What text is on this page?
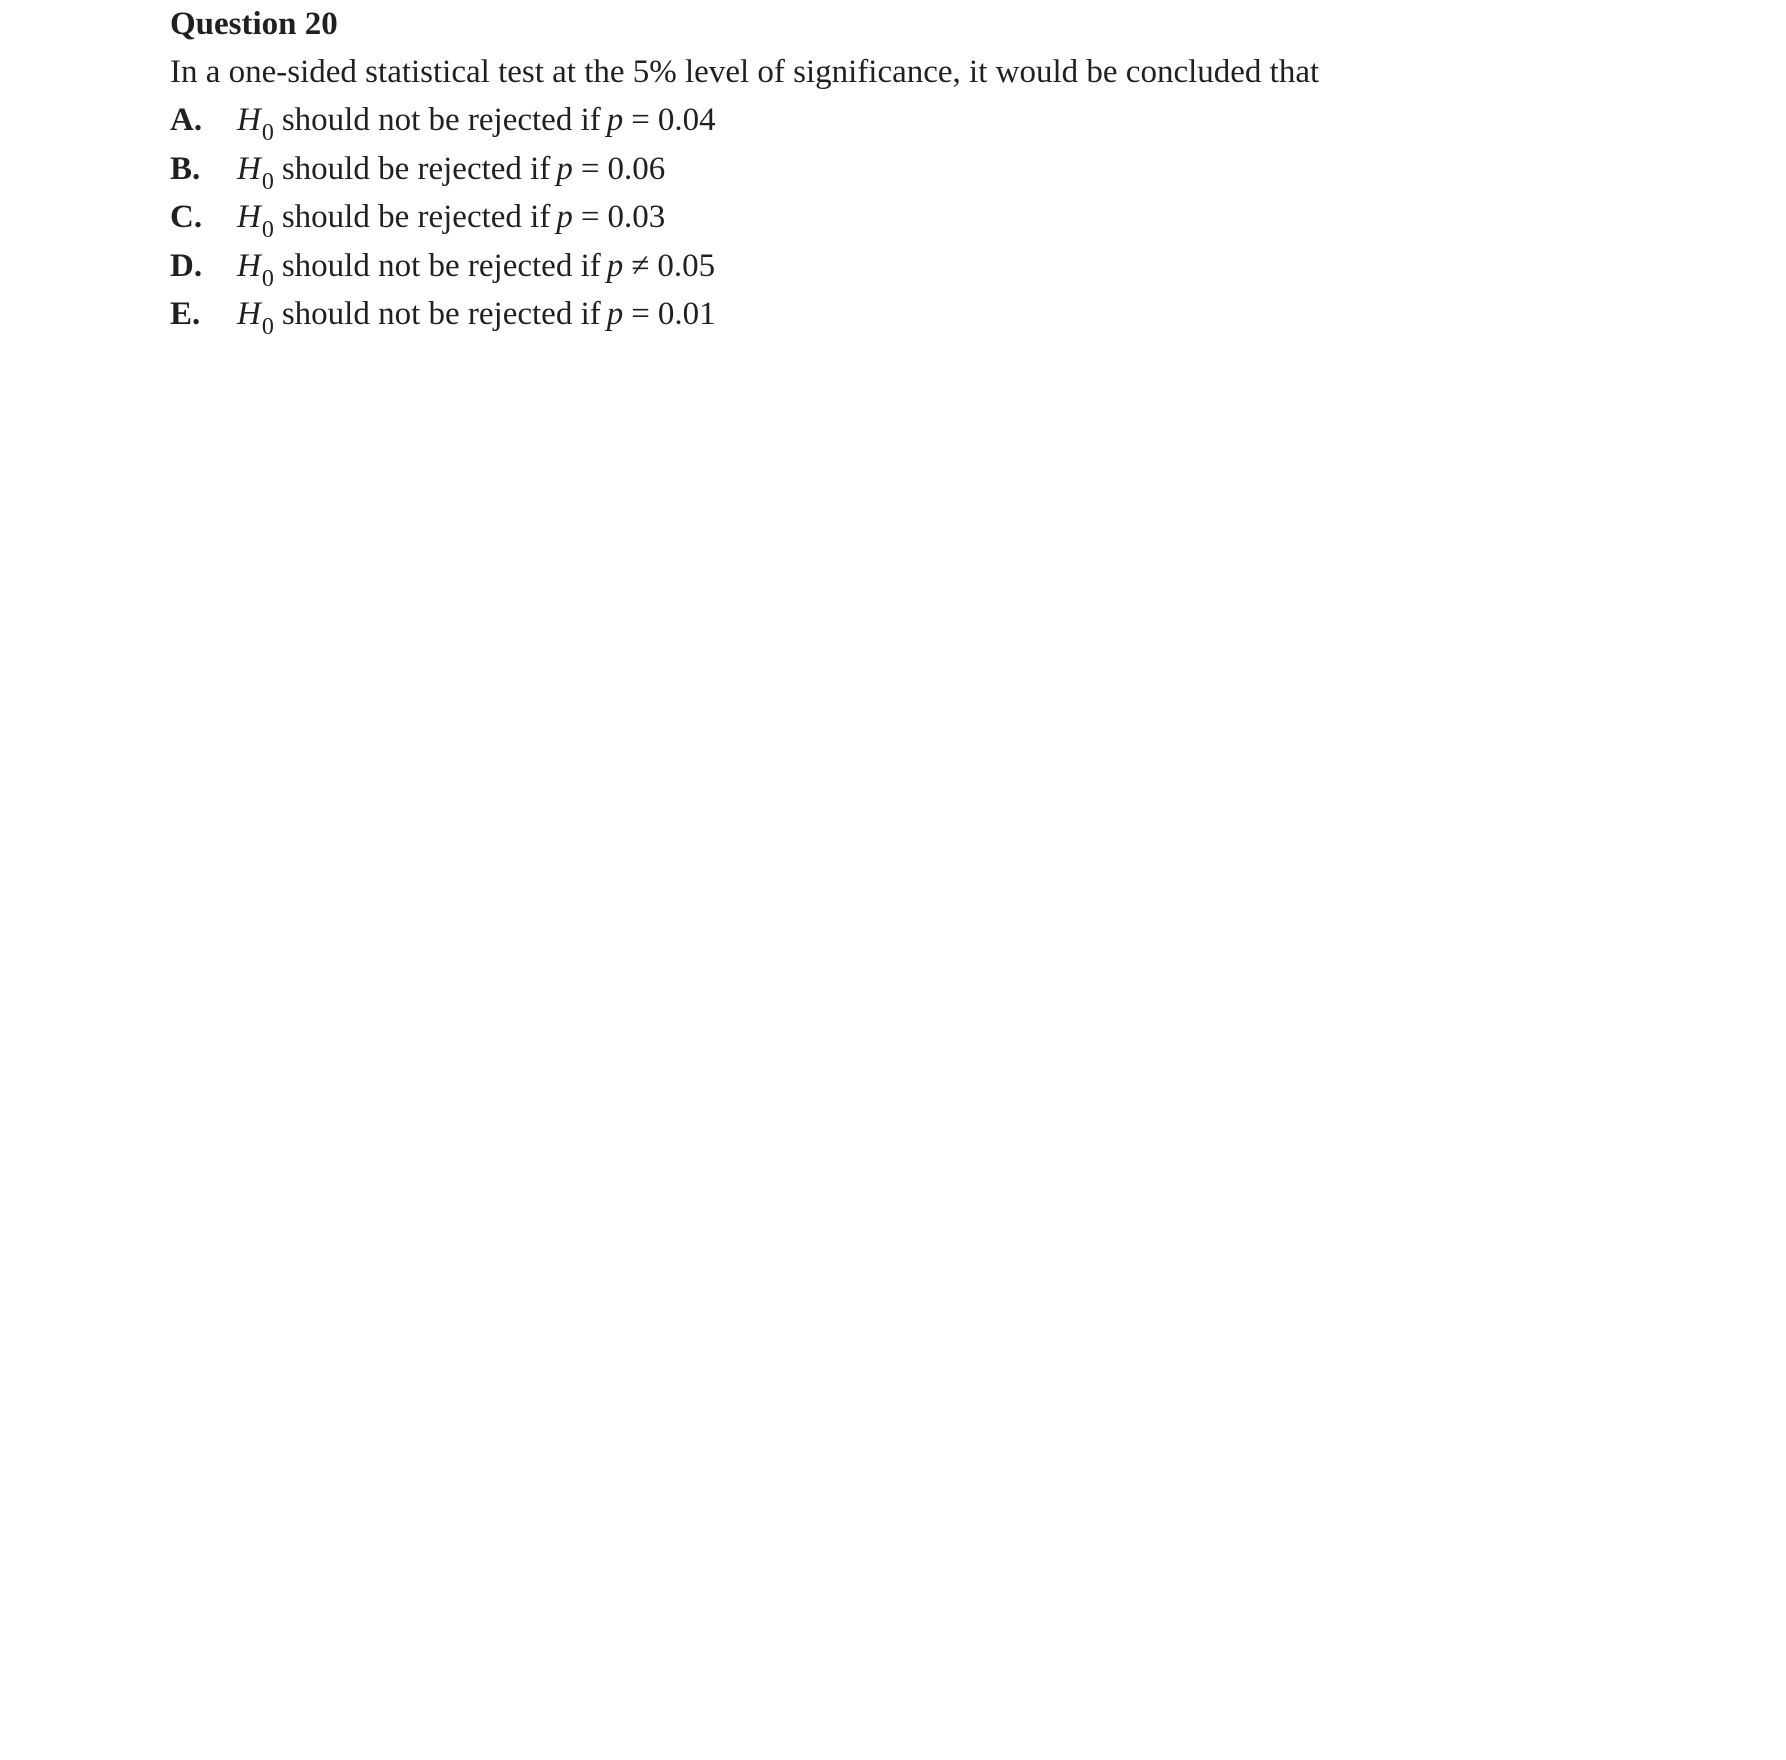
Question 20
In a one-sided statistical test at the 5% level of significance, it would be concluded that
A. $H_0$ should not be rejected if p = 0.04
B. $H_0$ should be rejected if p = 0.06
C. $H_0$ should be rejected if p = 0.03
D. $H_0$ should not be rejected if p ≠ 0.05
E. $H_0$ should not be rejected if p = 0.01
